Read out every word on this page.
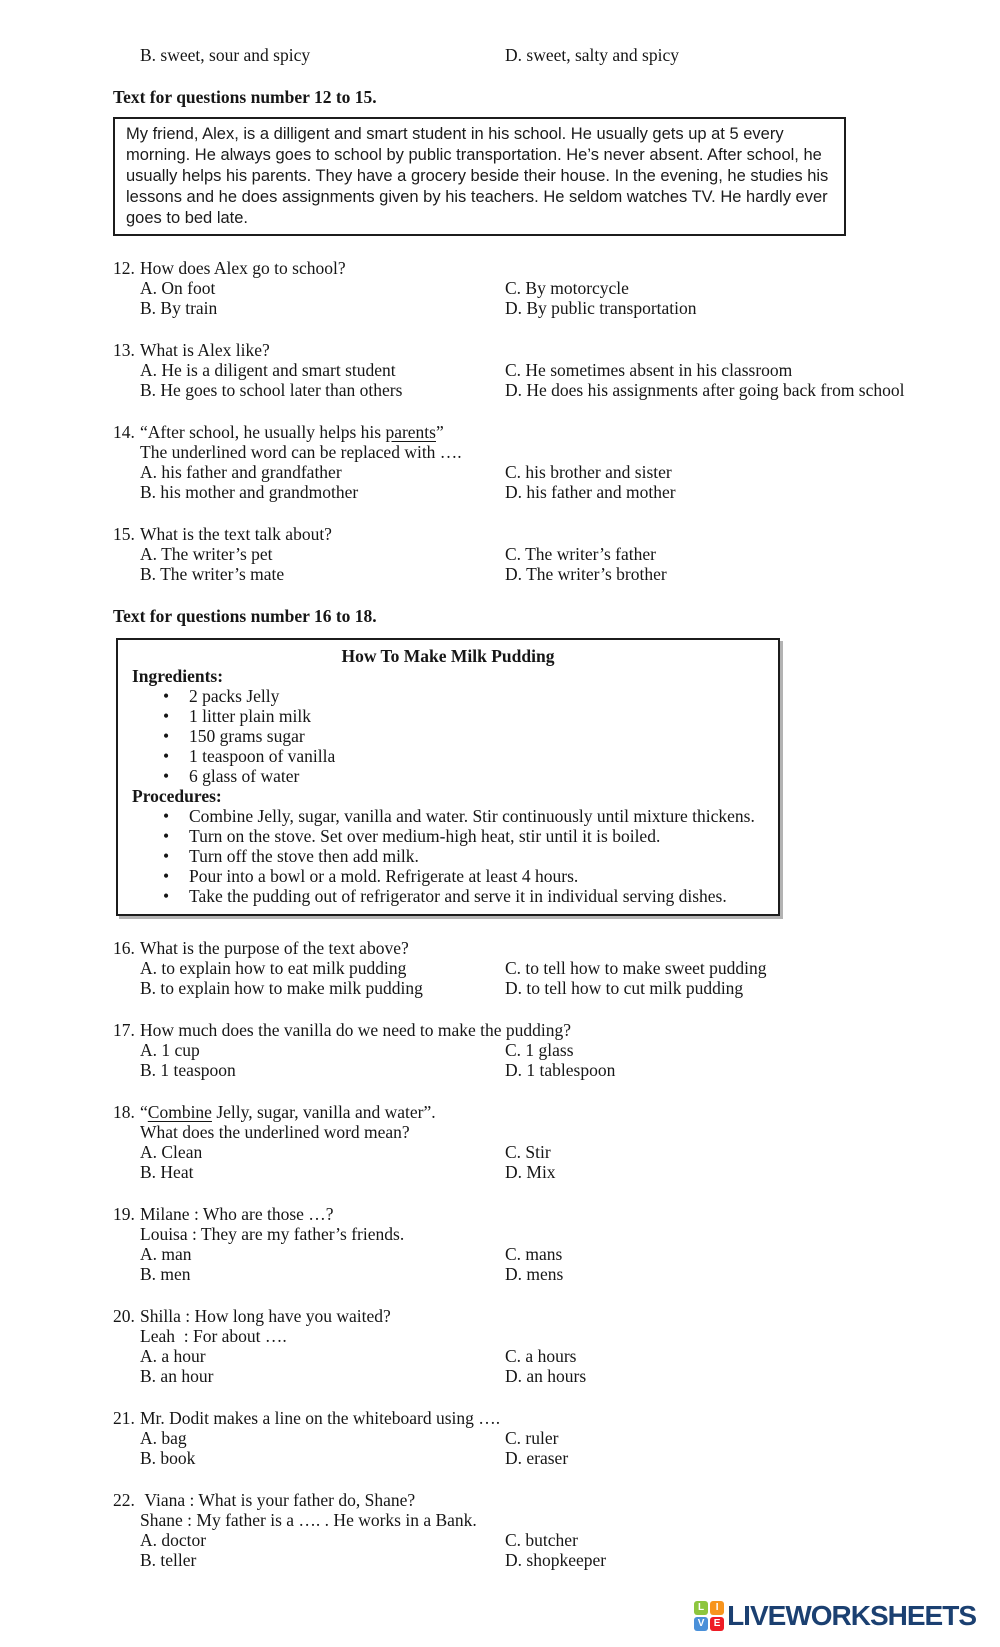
B. sweet, sour and spicy	D. sweet, salty and spicy
Text for questions number 12 to 15.
My friend, Alex, is a dilligent and smart student in his school. He usually gets up at 5 every
morning. He always goes to school by public transportation. He’s never absent. After school, he
usually helps his parents. They have a grocery beside their house. In the evening, he studies his
lessons and he does assignments given by his teachers. He seldom watches TV. He hardly ever
goes to bed late.
12. How does Alex go to school?
A. On foot	C. By motorcycle
B. By train	D. By public transportation
13. What is Alex like?
A. He is a diligent and smart student	C. He sometimes absent in his classroom
B. He goes to school later than others	D. He does his assignments after going back from school
14. “After school, he usually helps his parents”
The underlined word can be replaced with ….
A. his father and grandfather	C. his brother and sister
B. his mother and grandmother	D. his father and mother
15. What is the text talk about?
A. The writer’s pet	C. The writer’s father
B. The writer’s mate	D. The writer’s brother
Text for questions number 16 to 18.
How To Make Milk Pudding
Ingredients:
• 2 packs Jelly
• 1 litter plain milk
• 150 grams sugar
• 1 teaspoon of vanilla
• 6 glass of water
Procedures:
• Combine Jelly, sugar, vanilla and water. Stir continuously until mixture thickens.
• Turn on the stove. Set over medium-high heat, stir until it is boiled.
• Turn off the stove then add milk.
• Pour into a bowl or a mold. Refrigerate at least 4 hours.
• Take the pudding out of refrigerator and serve it in individual serving dishes.
16. What is the purpose of the text above?
A. to explain how to eat milk pudding	C. to tell how to make sweet pudding
B. to explain how to make milk pudding	D. to tell how to cut milk pudding
17. How much does the vanilla do we need to make the pudding?
A. 1 cup	C. 1 glass
B. 1 teaspoon	D. 1 tablespoon
18. “Combine Jelly, sugar, vanilla and water”.
What does the underlined word mean?
A. Clean	C. Stir
B. Heat	D. Mix
19. Milane : Who are those …?
Louisa : They are my father’s friends.
A. man	C. mans
B. men	D. mens
20. Shilla : How long have you waited?
Leah  : For about ….
A. a hour	C. a hours
B. an hour	D. an hours
21. Mr. Dodit makes a line on the whiteboard using ….
A. bag	C. ruler
B. book	D. eraser
22. Viana : What is your father do, Shane?
Shane : My father is a …. . He works in a Bank.
A. doctor	C. butcher
B. teller	D. shopkeeper
L	I
V E LIVEWORKSHEETS
